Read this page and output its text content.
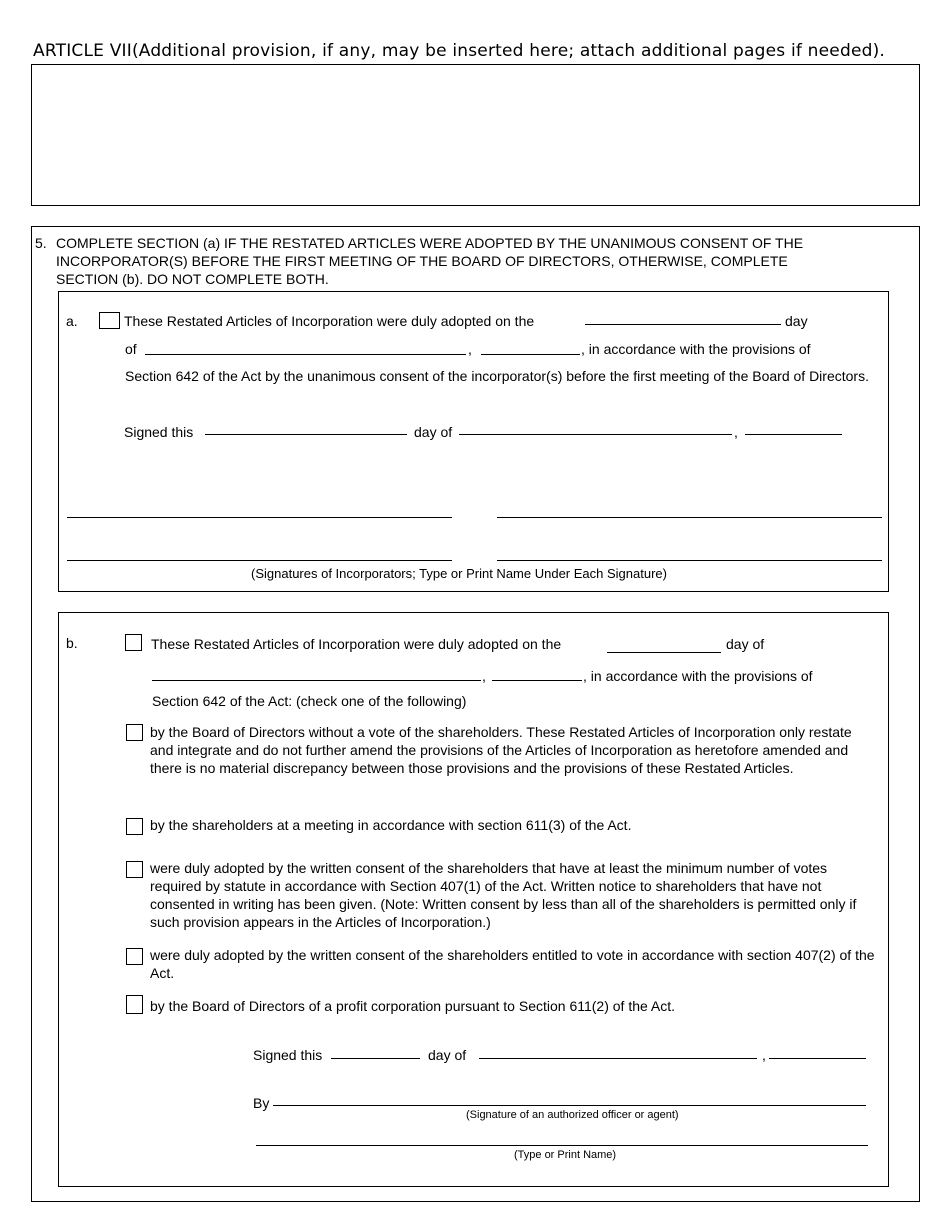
ARTICLE VII(Additional provision, if any, may be inserted here; attach additional pages if needed).
5. COMPLETE SECTION (a) IF THE RESTATED ARTICLES WERE ADOPTED BY THE UNANIMOUS CONSENT OF THE
INCORPORATOR(S) BEFORE THE FIRST MEETING OF THE BOARD OF DIRECTORS, OTHERWISE, COMPLETE
SECTION (b). DO NOT COMPLETE BOTH.
a.	These Restated Articles of Incorporation were duly adopted on the	day
of	,	, in accordance with the provisions of
Section 642 of the Act by the unanimous consent of the incorporator(s) before the first meeting of the Board of Directors.
Signed this	day of	,
(Signatures of Incorporators; Type or Print Name Under Each Signature)
b.	These Restated Articles of Incorporation were duly adopted on the	day of
,	, in accordance with the provisions of
Section 642 of the Act: (check one of the following)
by the Board of Directors without a vote of the shareholders. These Restated Articles of Incorporation only restate and integrate and do not further amend the provisions of the Articles of Incorporation as heretofore amended and there is no material discrepancy between those provisions and the provisions of these Restated Articles.
by the shareholders at a meeting in accordance with section 611(3) of the Act.
were duly adopted by the written consent of the shareholders that have at least the minimum number of votes required by statute in accordance with Section 407(1) of the Act. Written notice to shareholders that have not consented in writing has been given. (Note: Written consent by less than all of the shareholders is permitted only if such provision appears in the Articles of Incorporation.)
were duly adopted by the written consent of the shareholders entitled to vote in accordance with section 407(2) of the Act.
by the Board of Directors of a profit corporation pursuant to Section 611(2) of the Act.
Signed this	day of	,
By
(Signature of an authorized officer or agent)
(Type or Print Name)
